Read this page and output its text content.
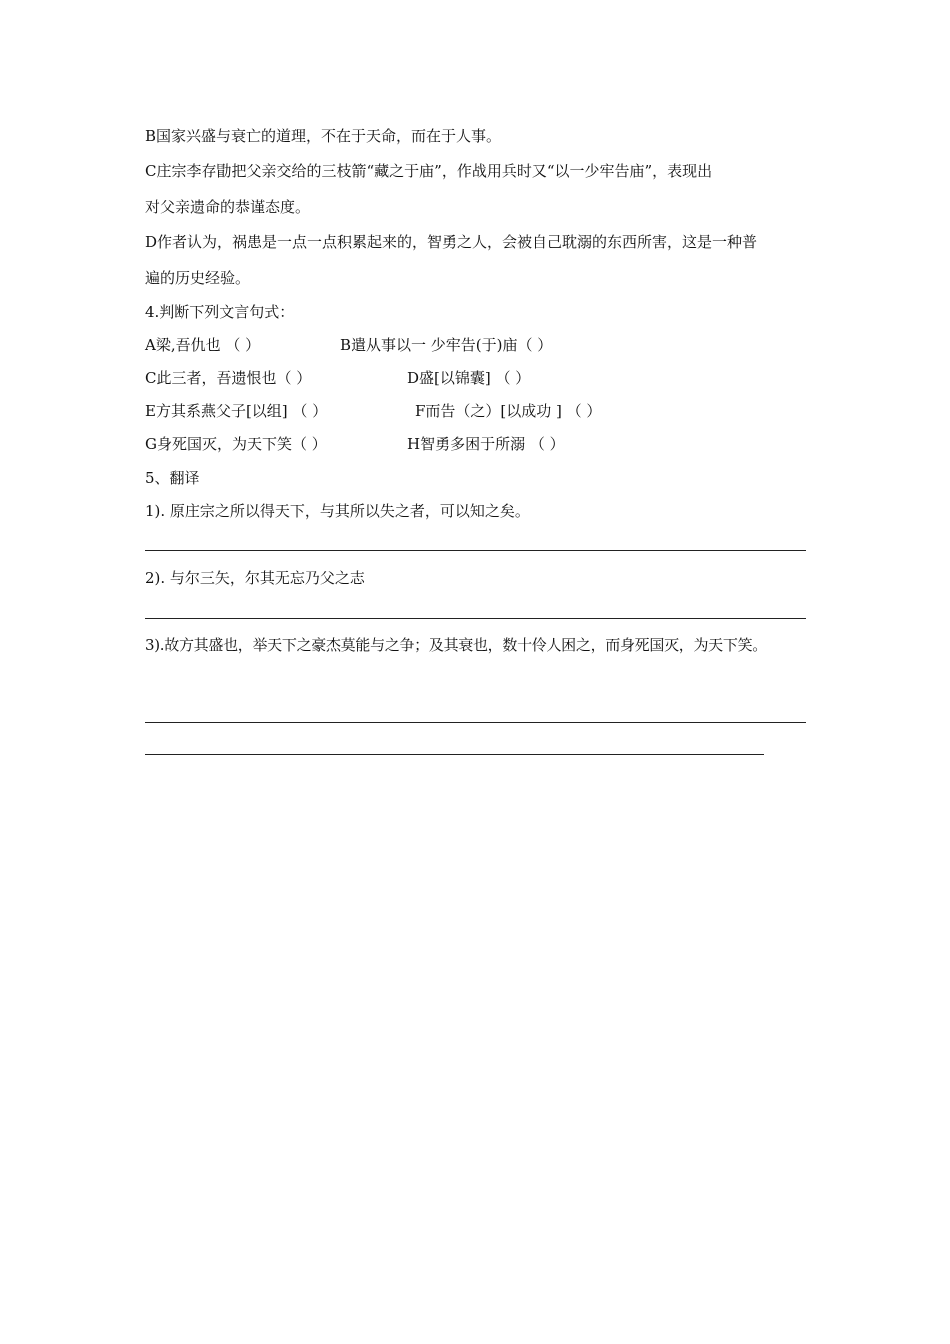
B国家兴盛与衰亡的道理，不在于天命，而在于人事。
C庄宗李存勖把父亲交给的三枝箭“藏之于庙”，作战用兵时又“以一少牢告庙”，表现出
对父亲遗命的恭谨态度。
D作者认为，祸患是一点一点积累起来的，智勇之人，会被自己耽溺的东西所害，这是一种普
遍的历史经验。
4.判断下列文言句式：
A梁,吾仇也 （ ）	B遣从事以一 少牢告(于)庙（ ）
C此三者，吾遗恨也（ ）	D盛[以锦囊] （ ）
E方其系燕父子[以组] （ ）	F而告（之）[以成功 ] （ ）
G身死国灭，为天下笑（ ）	H智勇多困于所溺 （ ）
5、翻译
1). 原庄宗之所以得天下，与其所以失之者，可以知之矣。
2). 与尔三矢，尔其无忘乃父之志
3).故方其盛也，举天下之豪杰莫能与之争；及其衰也，数十伶人困之，而身死国灭，为天下笑。
